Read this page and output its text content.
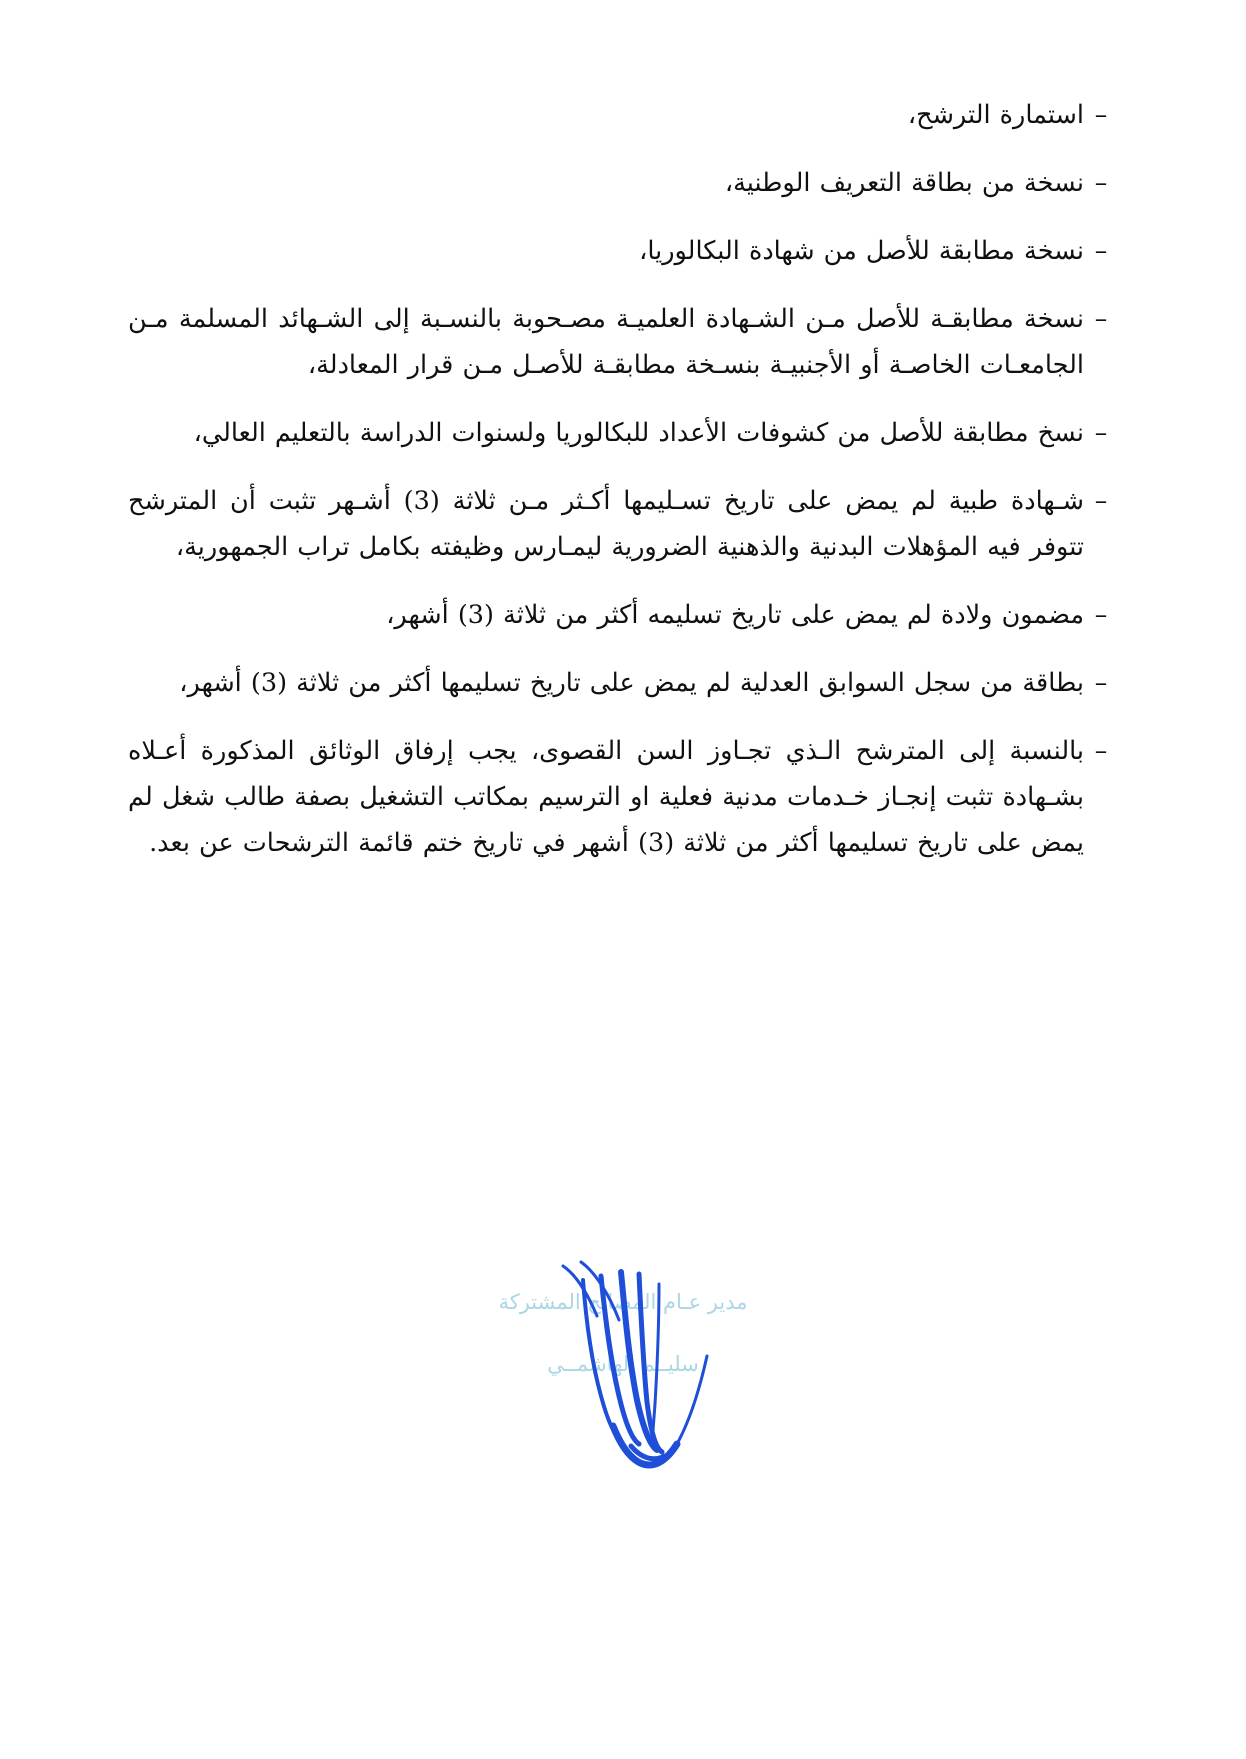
–
استمارة الترشح،
–
نسخة من بطاقة التعريف الوطنية،
–
نسخة مطابقة للأصل من شهادة البكالوريا،
–
نسخة مطابقـة للأصل مـن الشـهادة العلميـة مصـحوبة بالنسـبة إلى الشـهائد المسلمة مـن الجامعـات الخاصـة أو الأجنبيـة بنسـخة مطابقـة للأصـل مـن قرار المعادلة،
–
نسخ مطابقة للأصل من كشوفات الأعداد للبكالوريا ولسنوات الدراسة بالتعليم العالي،
–
شـهادة طبية لم يمض على تاريخ تسـليمها أكـثر مـن ثلاثة (3) أشـهر تثبت أن المترشح تتوفر فيه المؤهلات البدنية والذهنية الضرورية ليمـارس وظيفته بكامل تراب الجمهورية،
–
مضمون ولادة لم يمض على تاريخ تسليمه أكثر من ثلاثة (3) أشهر،
–
بطاقة من سجل السوابق العدلية لم يمض على تاريخ تسليمها أكثر من ثلاثة (3) أشهر،
–
بالنسبة إلى المترشح الـذي تجـاوز السن القصوى، يجب إرفاق الوثائق المذكورة أعـلاه بشـهادة تثبت إنجـاز خـدمات مدنية فعلية او الترسيم بمكاتب التشغيل بصفة طالب شغل لم يمض على تاريخ تسليمها أكثر من ثلاثة (3) أشهر في تاريخ ختم قائمة الترشحات عن بعد.
مدير عـام المصالح المشتركة
سليــم الهاشمــي
